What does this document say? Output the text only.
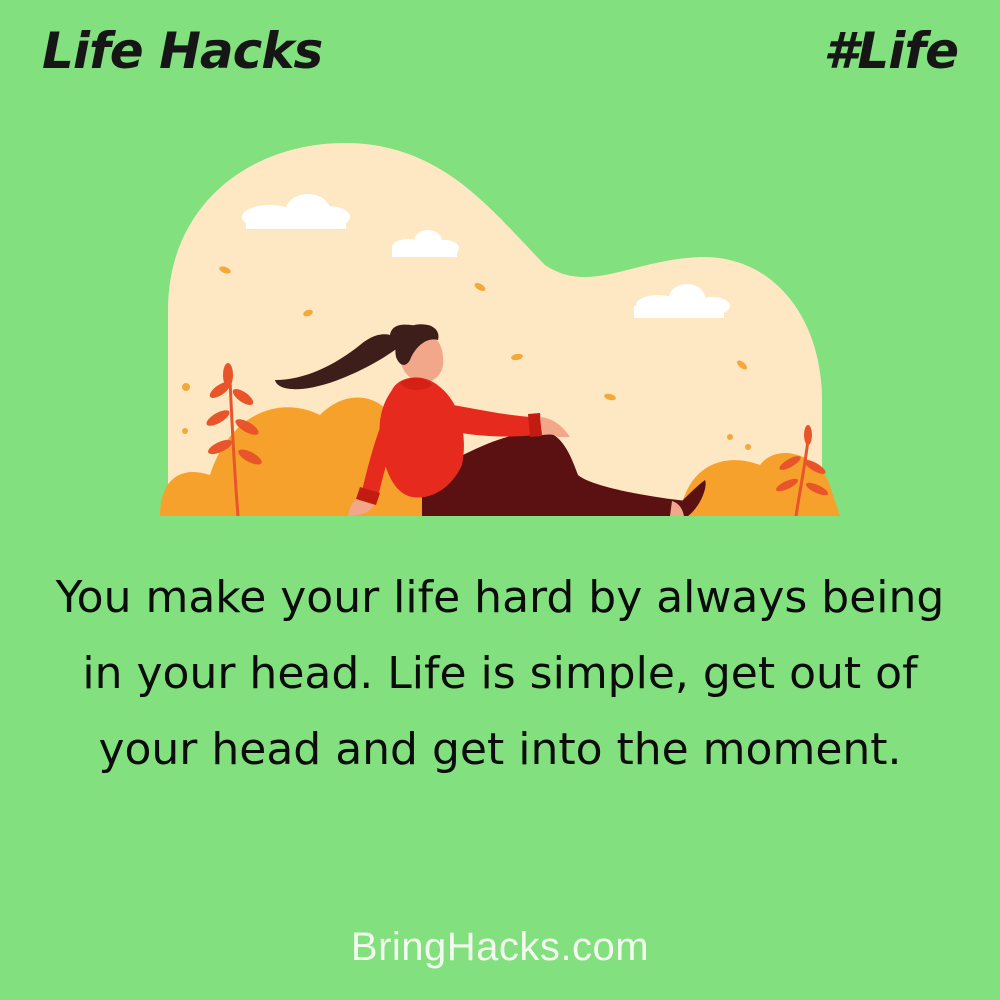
Life Hacks	#Life
You make your life hard by always being in your head. Life is simple, get out of your head and get into the moment.
BringHacks.com
